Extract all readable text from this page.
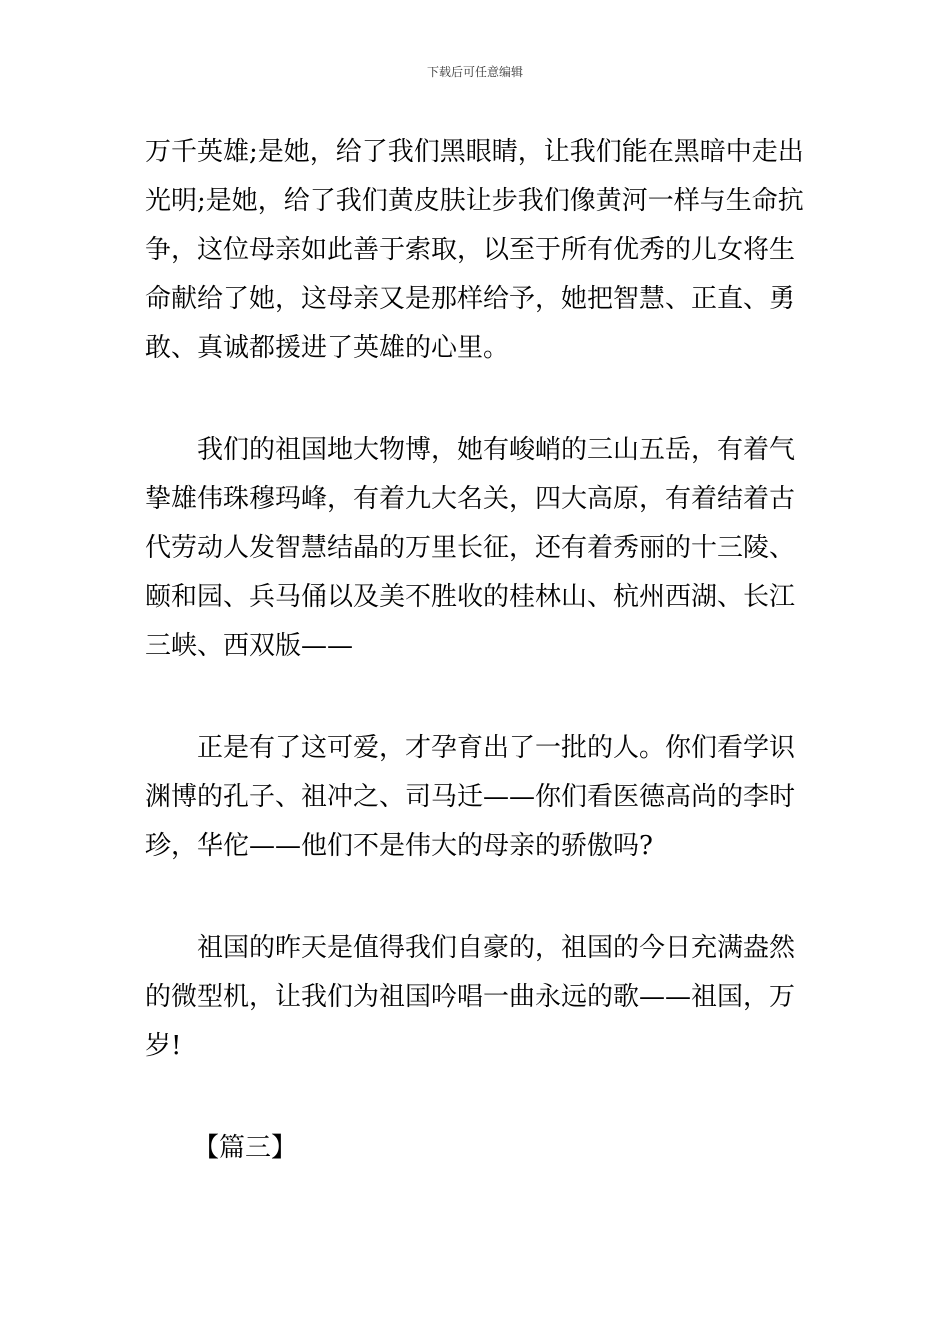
下载后可任意编辑
万千英雄;是她，给了我们黑眼睛，让我们能在黑暗中走出
光明;是她，给了我们黄皮肤让步我们像黄河一样与生命抗
争，这位母亲如此善于索取，以至于所有优秀的儿女将生
命献给了她，这母亲又是那样给予，她把智慧、正直、勇
敢、真诚都援进了英雄的心里。
我们的祖国地大物博，她有峻峭的三山五岳，有着气
挚雄伟珠穆玛峰，有着九大名关，四大高原，有着结着古
代劳动人发智慧结晶的万里长征，还有着秀丽的十三陵、
颐和园、兵马俑以及美不胜收的桂林山、杭州西湖、长江
三峡、西双版——
正是有了这可爱，才孕育出了一批的人。你们看学识
渊博的孔子、祖冲之、司马迁——你们看医德高尚的李时
珍，华佗——他们不是伟大的母亲的骄傲吗?
祖国的昨天是值得我们自豪的，祖国的今日充满盎然
的微型机，让我们为祖国吟唱一曲永远的歌——祖国，万
岁!
【篇三】
